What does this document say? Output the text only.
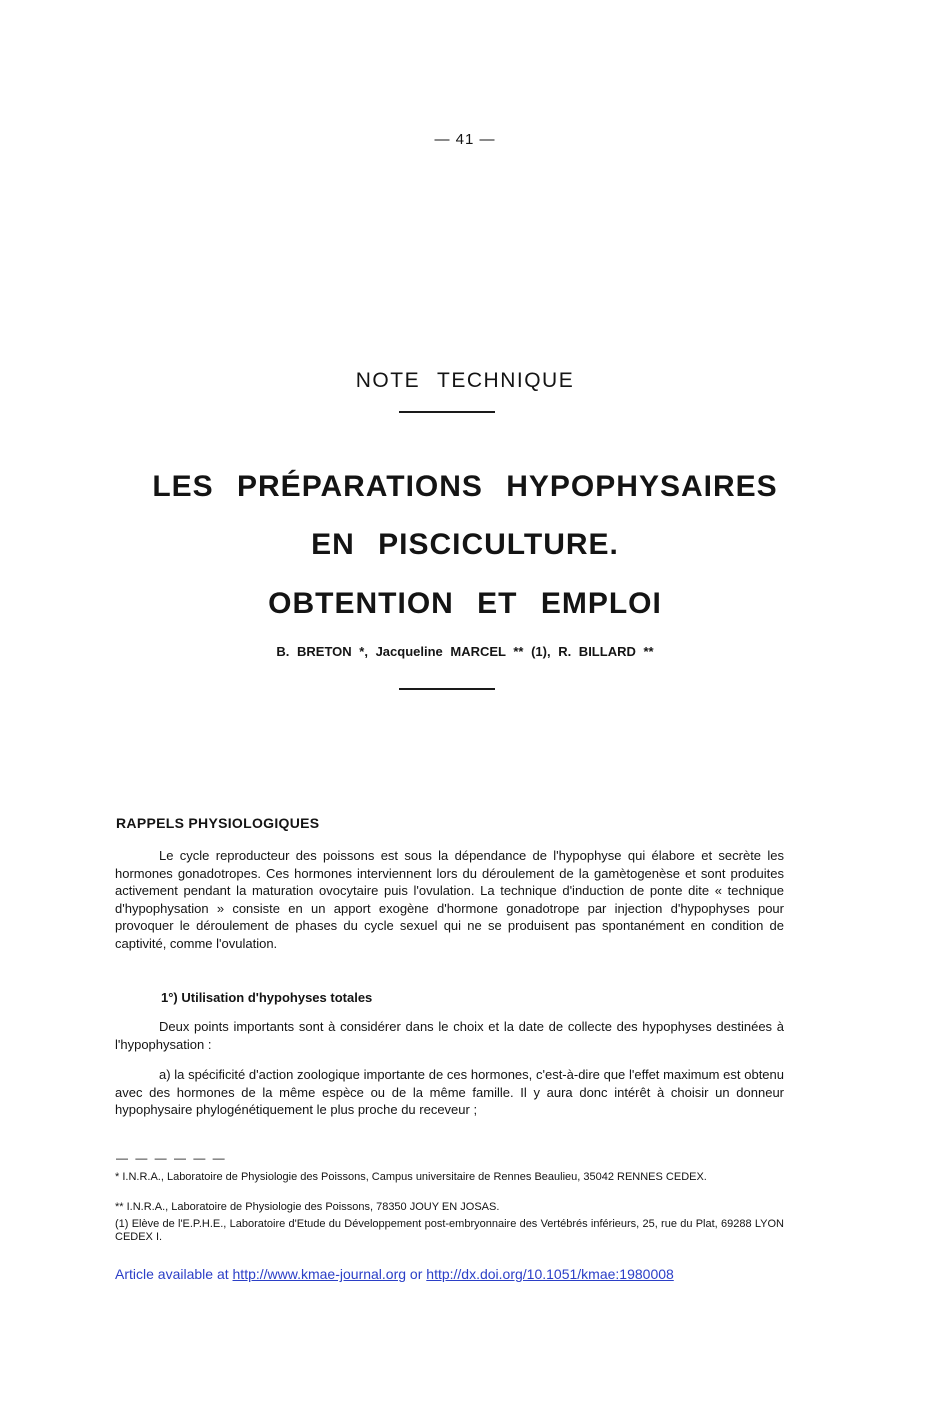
— 41 —
NOTE TECHNIQUE
LES PRÉPARATIONS HYPOPHYSAIRES
EN PISCICULTURE.
OBTENTION ET EMPLOI
B. BRETON *, Jacqueline MARCEL ** (1), R. BILLARD **
RAPPELS PHYSIOLOGIQUES
Le cycle reproducteur des poissons est sous la dépendance de l'hypophyse qui élabore et secrète les hormones gonadotropes. Ces hormones interviennent lors du déroulement de la gamètogenèse et sont produites activement pendant la maturation ovocytaire puis l'ovulation. La technique d'induction de ponte dite « technique d'hypophysation » consiste en un apport exogène d'hormone gonadotrope par injection d'hypophyses pour provoquer le déroulement de phases du cycle sexuel qui ne se produisent pas spontanément en condition de captivité, comme l'ovulation.
1°) Utilisation d'hypohyses totales
Deux points importants sont à considérer dans le choix et la date de collecte des hypophyses destinées à l'hypophysation :
a) la spécificité d'action zoologique importante de ces hormones, c'est-à-dire que l'effet maximum est obtenu avec des hormones de la même espèce ou de la même famille. Il y aura donc intérêt à choisir un donneur hypophysaire phylogénétiquement le plus proche du receveur ;
— — — — — —
* I.N.R.A., Laboratoire de Physiologie des Poissons, Campus universitaire de Rennes Beaulieu, 35042 RENNES CEDEX.
** I.N.R.A., Laboratoire de Physiologie des Poissons, 78350 JOUY EN JOSAS.
(1) Elève de l'E.P.H.E., Laboratoire d'Etude du Développement post-embryonnaire des Vertébrés inférieurs, 25, rue du Plat, 69288 LYON CEDEX I.
Article available at http://www.kmae-journal.org or http://dx.doi.org/10.1051/kmae:1980008
